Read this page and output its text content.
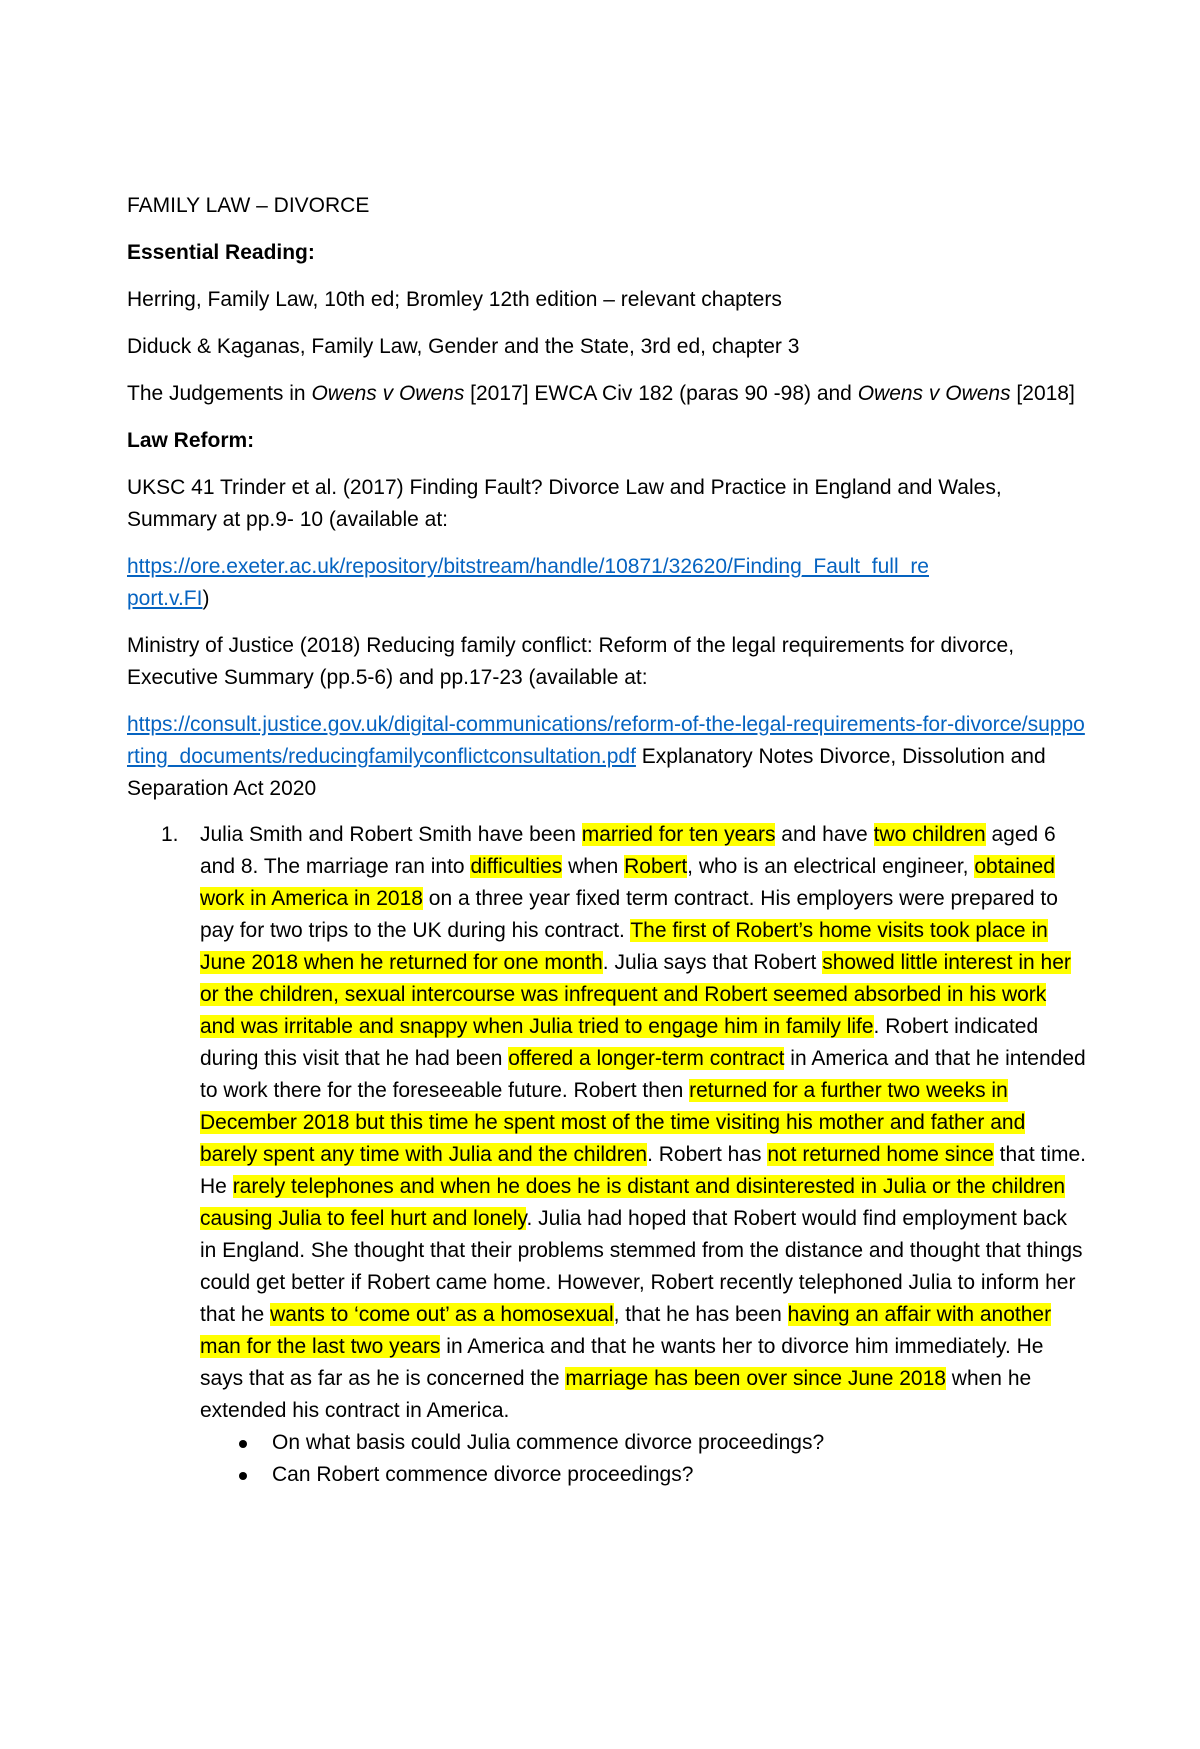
FAMILY LAW – DIVORCE

Essential Reading:

Herring, Family Law, 10th ed; Bromley 12th edition – relevant chapters

Diduck & Kaganas, Family Law, Gender and the State, 3rd ed, chapter 3

The Judgements in Owens v Owens [2017] EWCA Civ 182 (paras 90 -98) and Owens v Owens [2018]

Law Reform:

UKSC 41 Trinder et al. (2017) Finding Fault? Divorce Law and Practice in England and Wales, Summary at pp.9- 10 (available at:

https://ore.exeter.ac.uk/repository/bitstream/handle/10871/32620/Finding_Fault_full_report.v.FI)

Ministry of Justice (2018) Reducing family conflict: Reform of the legal requirements for divorce, Executive Summary (pp.5-6) and pp.17-23 (available at:

https://consult.justice.gov.uk/digital-communications/reform-of-the-legal-requirements-for-divorce/supporting_documents/reducingfamilyconflictconsultation.pdf Explanatory Notes Divorce, Dissolution and Separation Act 2020

1. Julia Smith and Robert Smith have been married for ten years and have two children aged 6 and 8. The marriage ran into difficulties when Robert, who is an electrical engineer, obtained work in America in 2018 on a three year fixed term contract. His employers were prepared to pay for two trips to the UK during his contract. The first of Robert’s home visits took place in June 2018 when he returned for one month. Julia says that Robert showed little interest in her or the children, sexual intercourse was infrequent and Robert seemed absorbed in his work and was irritable and snappy when Julia tried to engage him in family life. Robert indicated during this visit that he had been offered a longer-term contract in America and that he intended to work there for the foreseeable future. Robert then returned for a further two weeks in December 2018 but this time he spent most of the time visiting his mother and father and barely spent any time with Julia and the children. Robert has not returned home since that time. He rarely telephones and when he does he is distant and disinterested in Julia or the children causing Julia to feel hurt and lonely. Julia had hoped that Robert would find employment back in England. She thought that their problems stemmed from the distance and thought that things could get better if Robert came home. However, Robert recently telephoned Julia to inform her that he wants to ‘come out’ as a homosexual, that he has been having an affair with another man for the last two years in America and that he wants her to divorce him immediately. He says that as far as he is concerned the marriage has been over since June 2018 when he extended his contract in America.
On what basis could Julia commence divorce proceedings?
Can Robert commence divorce proceedings?
